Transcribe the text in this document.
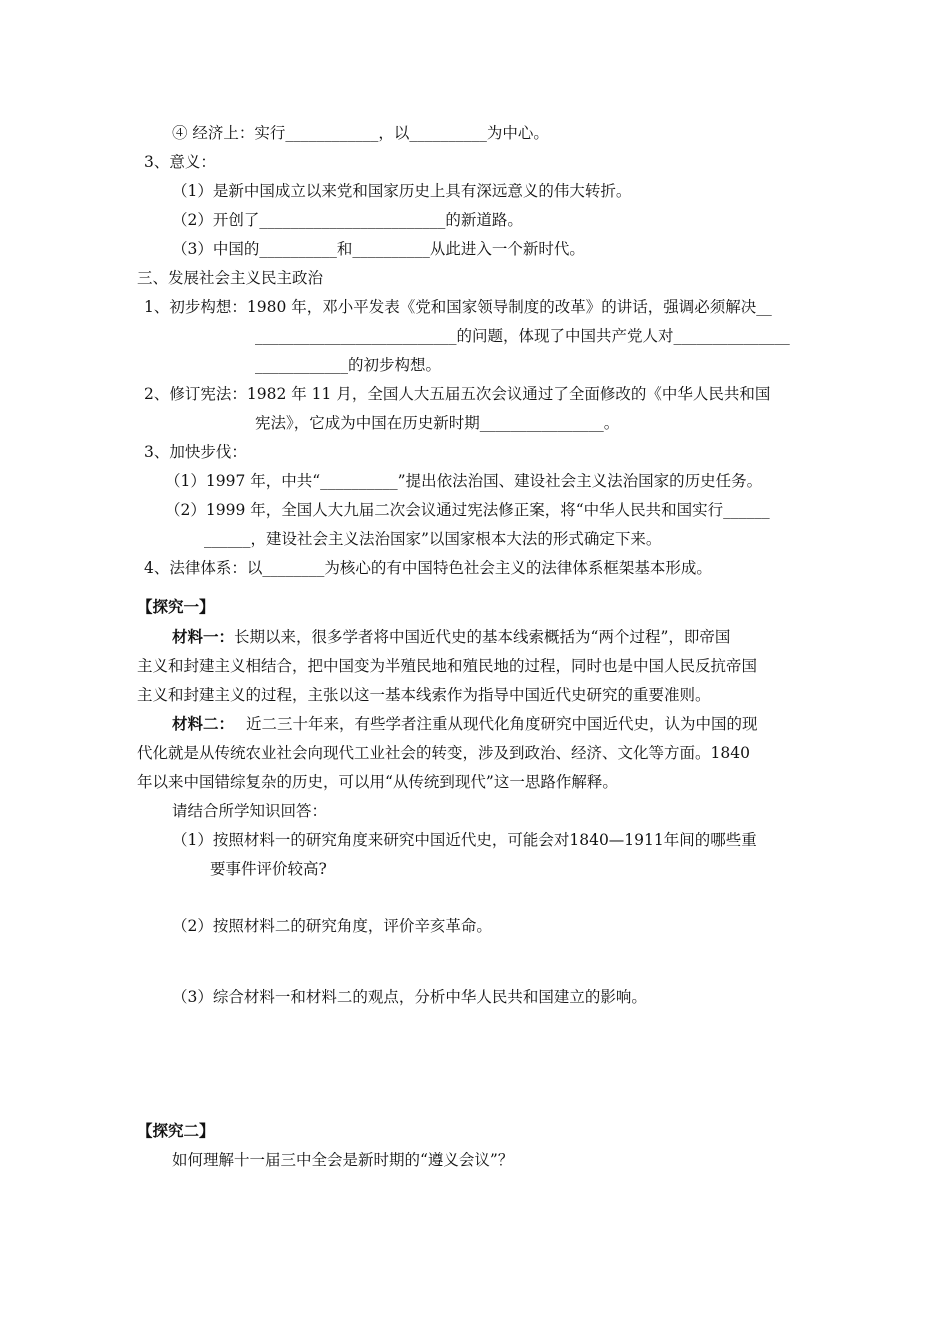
④ 经济上：实行____________，以__________为中心。
3、意义：
（1）是新中国成立以来党和国家历史上具有深远意义的伟大转折。
（2）开创了________________________的新道路。
（3）中国的__________和__________从此进入一个新时代。
三、发展社会主义民主政治
1、初步构想：1980 年，邓小平发表《党和国家领导制度的改革》的讲话，强调必须解决__
__________________________的问题，体现了中国共产党人对_______________
____________的初步构想。
2、修订宪法：1982 年 11 月，全国人大五届五次会议通过了全面修改的《中华人民共和国
宪法》，它成为中国在历史新时期________________。
3、加快步伐：
（1）1997 年，中共“__________”提出依法治国、建设社会主义法治国家的历史任务。
（2）1999 年，全国人大九届二次会议通过宪法修正案，将“中华人民共和国实行______
______，建设社会主义法治国家”以国家根本大法的形式确定下来。
4、法律体系：以________为核心的有中国特色社会主义的法律体系框架基本形成。
【探究一】
材料一：长期以来，很多学者将中国近代史的基本线索概括为“两个过程”，即帝国
主义和封建主义相结合，把中国变为半殖民地和殖民地的过程，同时也是中国人民反抗帝国
主义和封建主义的过程，主张以这一基本线索作为指导中国近代史研究的重要准则。
材料二： 近二三十年来，有些学者注重从现代化角度研究中国近代史，认为中国的现
代化就是从传统农业社会向现代工业社会的转变，涉及到政治、经济、文化等方面。1840
年以来中国错综复杂的历史，可以用“从传统到现代”这一思路作解释。
请结合所学知识回答：
（1）按照材料一的研究角度来研究中国近代史，可能会对1840—1911年间的哪些重
要事件评价较高?
（2）按照材料二的研究角度，评价辛亥革命。
（3）综合材料一和材料二的观点，分析中华人民共和国建立的影响。
【探究二】
如何理解十一届三中全会是新时期的“遵义会议”？
